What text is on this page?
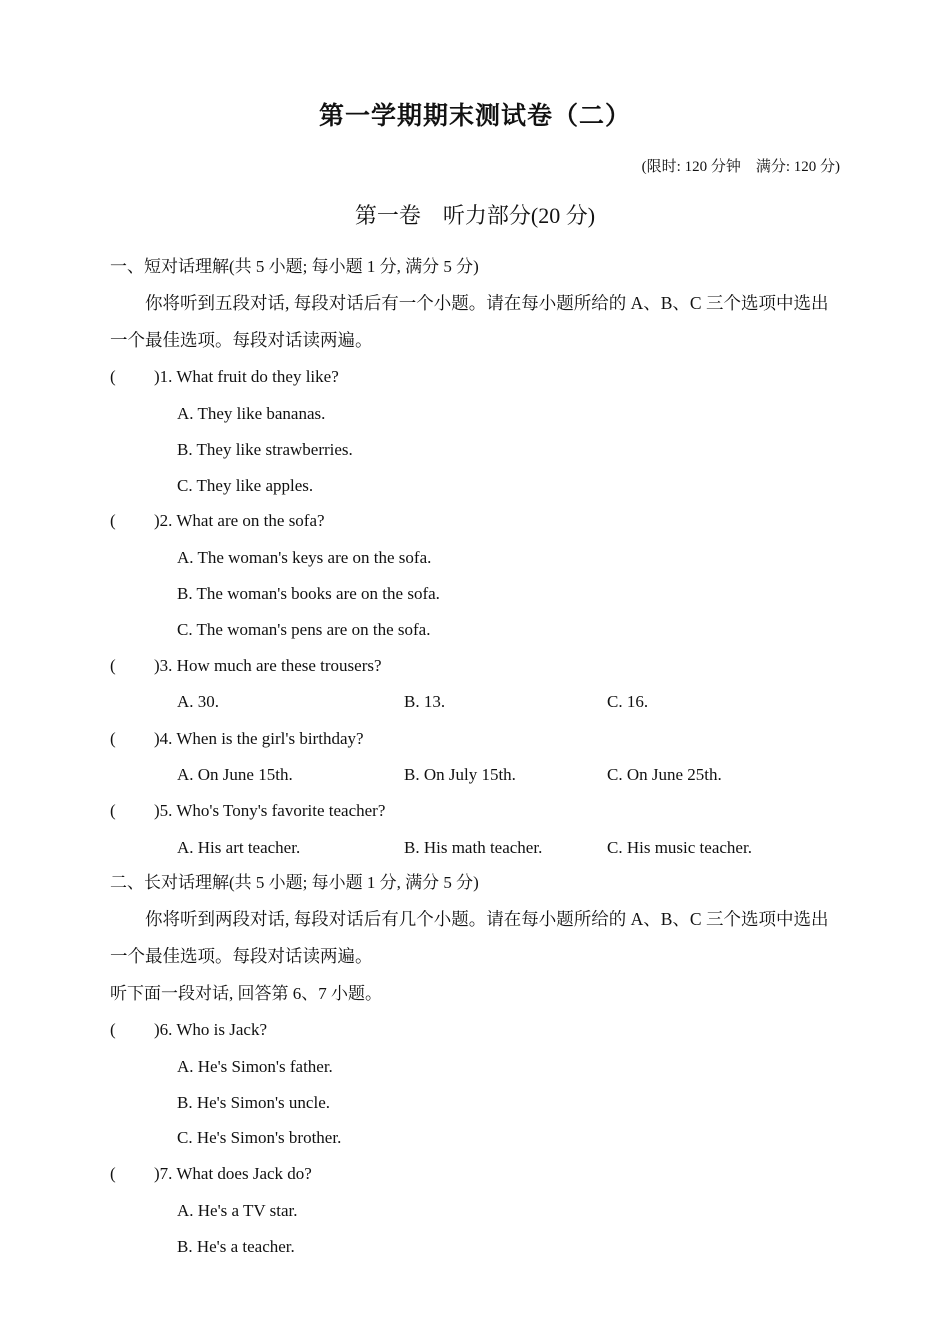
第一学期期末测试卷（二）
(限时: 120 分钟　满分: 120 分)
第一卷　听力部分(20 分)
一、短对话理解(共 5 小题; 每小题 1 分, 满分 5 分)
你将听到五段对话, 每段对话后有一个小题。请在每小题所给的 A、B、C 三个选项中选出一个最佳选项。每段对话读两遍。
( )1. What fruit do they like?
A. They like bananas.
B. They like strawberries.
C. They like apples.
( )2. What are on the sofa?
A. The woman's keys are on the sofa.
B. The woman's books are on the sofa.
C. The woman's pens are on the sofa.
( )3. How much are these trousers?
A. 30.	B. 13.	C. 16.
( )4. When is the girl's birthday?
A. On June 15th.	B. On July 15th.	C. On June 25th.
( )5. Who's Tony's favorite teacher?
A. His art teacher.	B. His math teacher.	C. His music teacher.
二、长对话理解(共 5 小题; 每小题 1 分, 满分 5 分)
你将听到两段对话, 每段对话后有几个小题。请在每小题所给的 A、B、C 三个选项中选出一个最佳选项。每段对话读两遍。
听下面一段对话, 回答第 6、7 小题。
( )6. Who is Jack?
A. He's Simon's father.
B. He's Simon's uncle.
C. He's Simon's brother.
( )7. What does Jack do?
A. He's a TV star.
B. He's a teacher.
